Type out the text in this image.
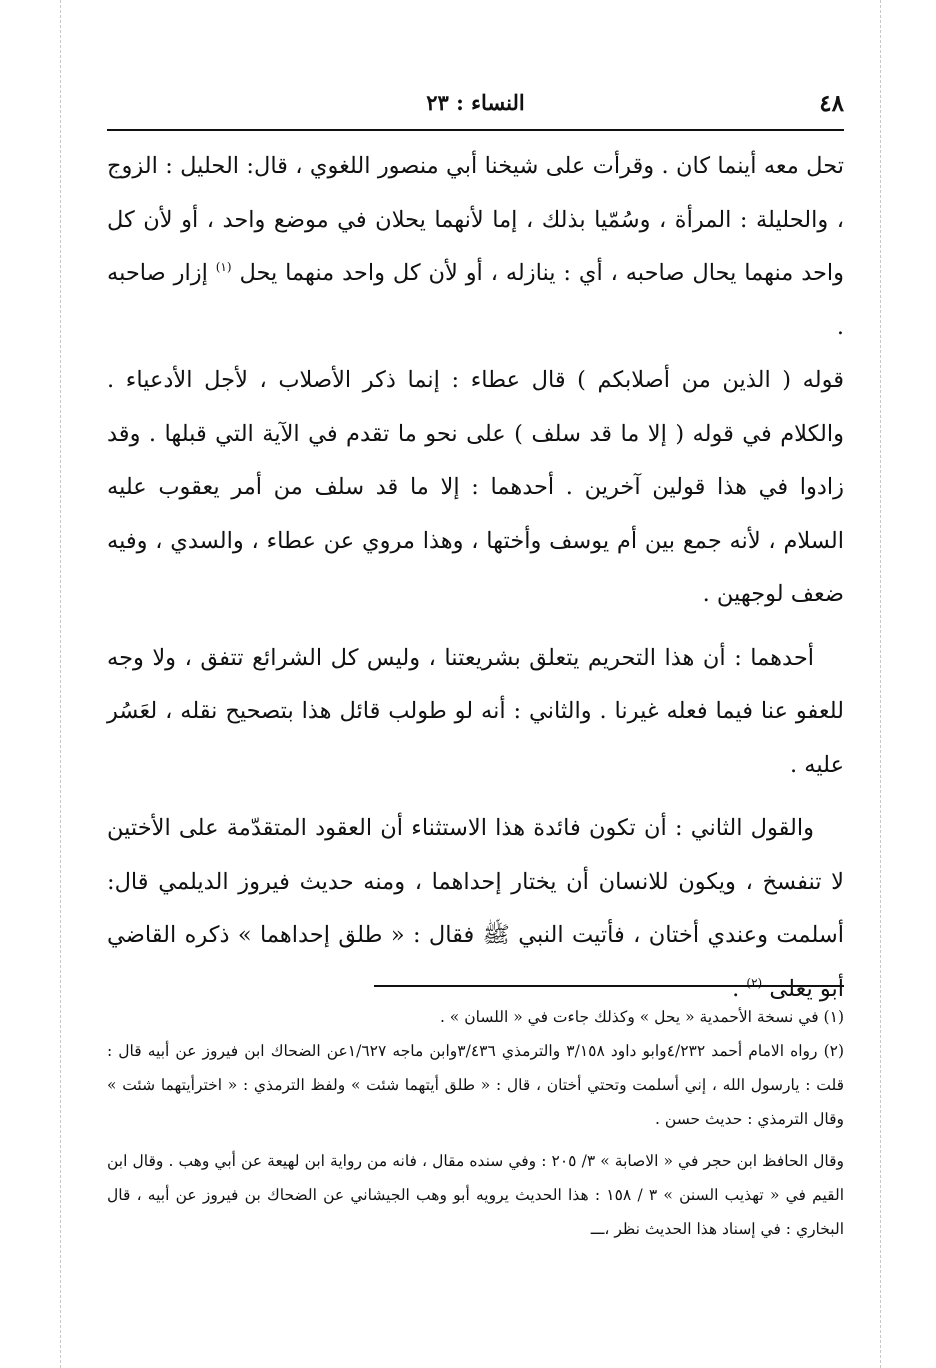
٤٨
النساء : ٢٣

تحل معه أينما كان . وقرأت على شيخنا أبي منصور اللغوي ، قال: الحليل : الزوج ، والحليلة : المرأة ، وسُمّيا بذلك ، إما لأنهما يحلان في موضع واحد ، أو لأن كل واحد منهما يحال صاحبه ، أي : ينازله ، أو لأن كل واحد منهما يحل $^{(١)}$ إزار صاحبه .

قوله ( الذين من أصلابكم ) قال عطاء : إنما ذكر الأصلاب ، لأجل الأدعياء . والكلام في قوله ( إلا ما قد سلف ) على نحو ما تقدم في الآية التي قبلها . وقد زادوا في هذا قولين آخرين . أحدهما : إلا ما قد سلف من أمر يعقوب عليه السلام ، لأنه جمع بين أم يوسف وأختها ، وهذا مروي عن عطاء ، والسدي ، وفيه ضعف لوجهين .

أحدهما : أن هذا التحريم يتعلق بشريعتنا ، وليس كل الشرائع تتفق ، ولا وجه للعفو عنا فيما فعله غيرنا . والثاني : أنه لو طولب قائل هذا بتصحيح نقله ، لعَسُر عليه .

والقول الثاني : أن تكون فائدة هذا الاستثناء أن العقود المتقدّمة على الأختين لا تنفسخ ، ويكون للانسان أن يختار إحداهما ، ومنه حديث فيروز الديلمي قال: أسلمت وعندي أختان ، فأتيت النبي ﷺ فقال : « طلق إحداهما » ذكره القاضي أبو يعلى $^{(٢)}$ .

(١) في نسخة الأحمدية « يحل » وكذلك جاءت في « اللسان » .

(٢) رواه الامام أحمد ٤/٢٣٢وابو داود ٣/١٥٨ والترمذي ٣/٤٣٦وابن ماجه ١/٦٢٧عن الضحاك ابن فيروز عن أبيه قال : قلت : يارسول الله ، إني أسلمت وتحتي أختان ، قال : « طلق أيتهما شئت » ولفظ الترمذي : « اخترأيتهما شئت » وقال الترمذي : حديث حسن .

وقال الحافظ ابن حجر في « الاصابة » ٣/ ٢٠٥ : وفي سنده مقال ، فانه من رواية ابن لهيعة عن أبي وهب . وقال ابن القيم في « تهذيب السنن » ٣ / ١٥٨ : هذا الحديث يرويه أبو وهب الجيشاني عن الضحاك بن فيروز عن أبيه ، قال البخاري : في إسناد هذا الحديث نظر ،ـــ
